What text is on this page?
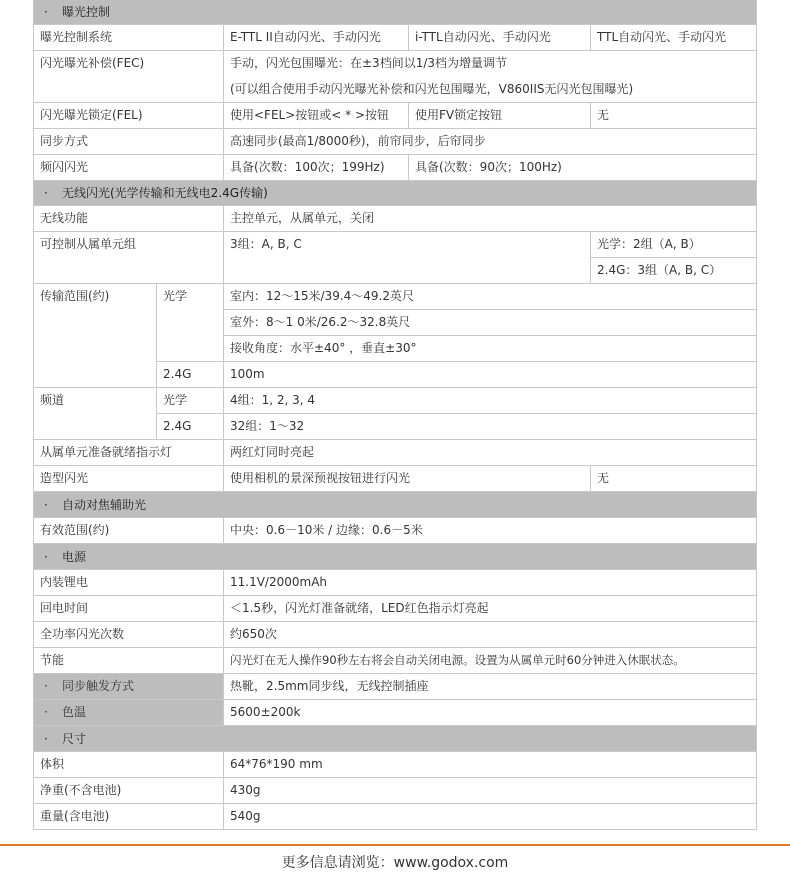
· 曝光控制
曝光控制系统	E-TTL II自动闪光、手动闪光	i-TTL自动闪光、手动闪光	TTL自动闪光、手动闪光
闪光曝光补偿(FEC)	手动，闪光包围曝光：在±3档间以1/3档为增量调节
(可以组合使用手动闪光曝光补偿和闪光包围曝光，V860IIS无闪光包围曝光)
闪光曝光锁定(FEL)	使用<FEL>按钮或< * >按钮	使用FV锁定按钮	无
同步方式	高速同步(最高1/8000秒)，前帘同步，后帘同步
频闪闪光	具备(次数：100次；199Hz)	具备(次数：90次；100Hz)
· 无线闪光(光学传输和无线电2.4G传输)
无线功能	主控单元，从属单元，关闭
可控制从属单元组	3组：A, B, C	光学：2组（A, B）
2.4G：3组（A, B, C）
传输范围(约)	光学	室内：12～15米/39.4～49.2英尺
室外：8～1 0米/26.2～32.8英尺
接收角度：水平±40° ，垂直±30°
2.4G	100m
频道	光学	4组：1, 2, 3, 4
2.4G	32组：1～32
从属单元准备就绪指示灯	两红灯同时亮起
造型闪光	使用相机的景深预视按钮进行闪光	无
· 自动对焦辅助光
有效范围(约)	中央：0.6－10米 / 边缘：0.6－5米
· 电源
内装锂电	11.1V/2000mAh
回电时间	＜1.5秒，闪光灯准备就绪，LED红色指示灯亮起
全功率闪光次数	约650次
节能	闪光灯在无人操作90秒左右将会自动关闭电源。设置为从属单元时60分钟进入休眠状态。
· 同步触发方式	热靴，2.5mm同步线，无线控制插座
· 色温	5600±200k
· 尺寸
体积	64*76*190 mm
净重(不含电池)	430g
重量(含电池)	540g
更多信息请浏览：www.godox.com
